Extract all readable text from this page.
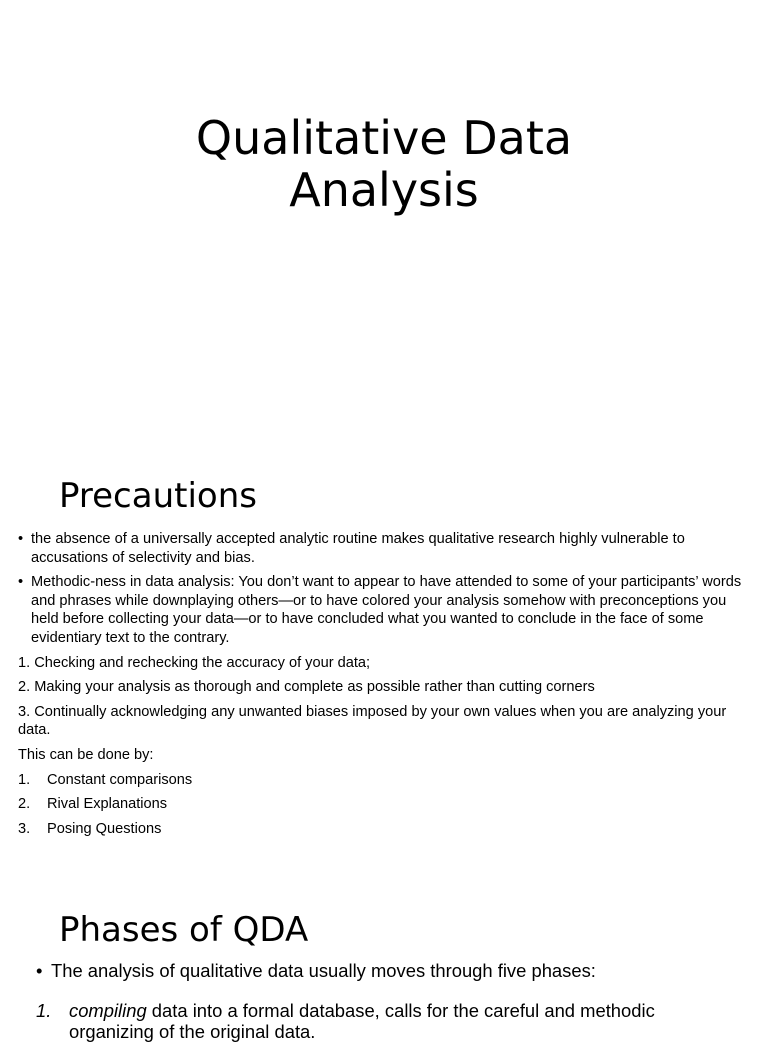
Qualitative Data
Analysis
Precautions

• the absence of a universally accepted analytic routine makes qualitative research highly vulnerable to accusations of selectivity and bias.

• Methodic-ness in data analysis: You don’t want to appear to have attended to some of your participants’ words and phrases while downplaying others—or to have colored your analysis somehow with preconceptions you held before collecting your data—or to have concluded what you wanted to conclude in the face of some evidentiary text to the contrary.

1. Checking and rechecking the accuracy of your data;

2. Making your analysis as thorough and complete as possible rather than cutting corners

3. Continually acknowledging any unwanted biases imposed by your own values when you are analyzing your data.

This can be done by:

1. Constant comparisons

2. Rival Explanations

3. Posing Questions

Phases of QDA

• The analysis of qualitative data usually moves through five phases:

1. compiling data into a formal database, calls for the careful and methodic organizing of the original data.
